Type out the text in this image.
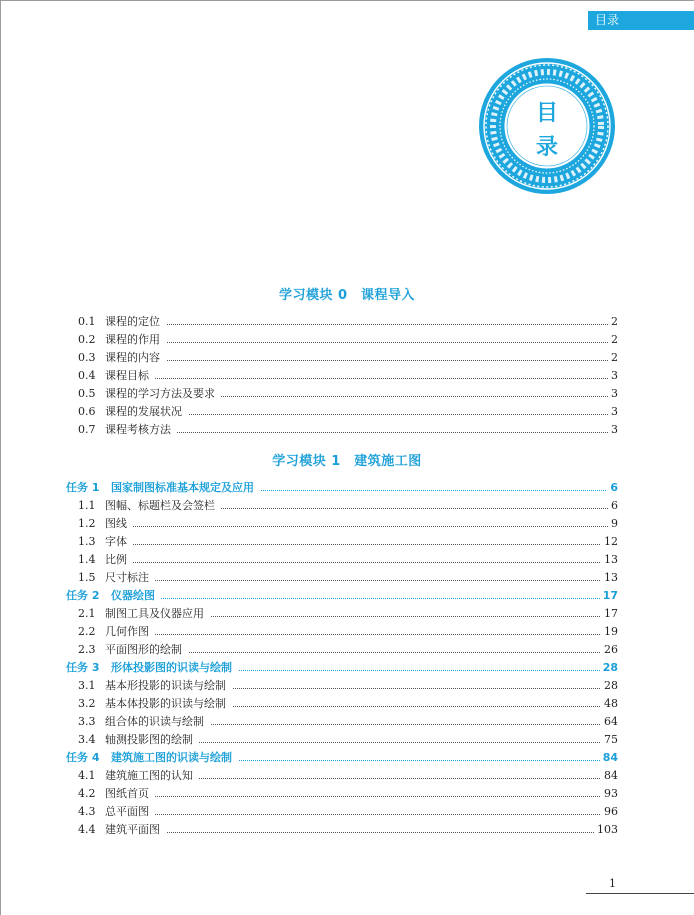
目录
目
录
学习模块 0　课程导入
0.1 课程的定位	2
0.2 课程的作用	2
0.3 课程的内容	2
0.4 课程目标	3
0.5 课程的学习方法及要求	3
0.6 课程的发展状况	3
0.7 课程考核方法	3
学习模块 1　建筑施工图
任务 1 国家制图标准基本规定及应用	6
1.1 图幅、标题栏及会签栏	6
1.2 图线	9
1.3 字体	12
1.4 比例	13
1.5 尺寸标注	13
任务 2 仪器绘图	17
2.1 制图工具及仪器应用	17
2.2 几何作图	19
2.3 平面图形的绘制	26
任务 3 形体投影图的识读与绘制	28
3.1 基本形投影的识读与绘制	28
3.2 基本体投影的识读与绘制	48
3.3 组合体的识读与绘制	64
3.4 轴测投影图的绘制	75
任务 4 建筑施工图的识读与绘制	84
4.1 建筑施工图的认知	84
4.2 图纸首页	93
4.3 总平面图	96
4.4 建筑平面图	103
1
